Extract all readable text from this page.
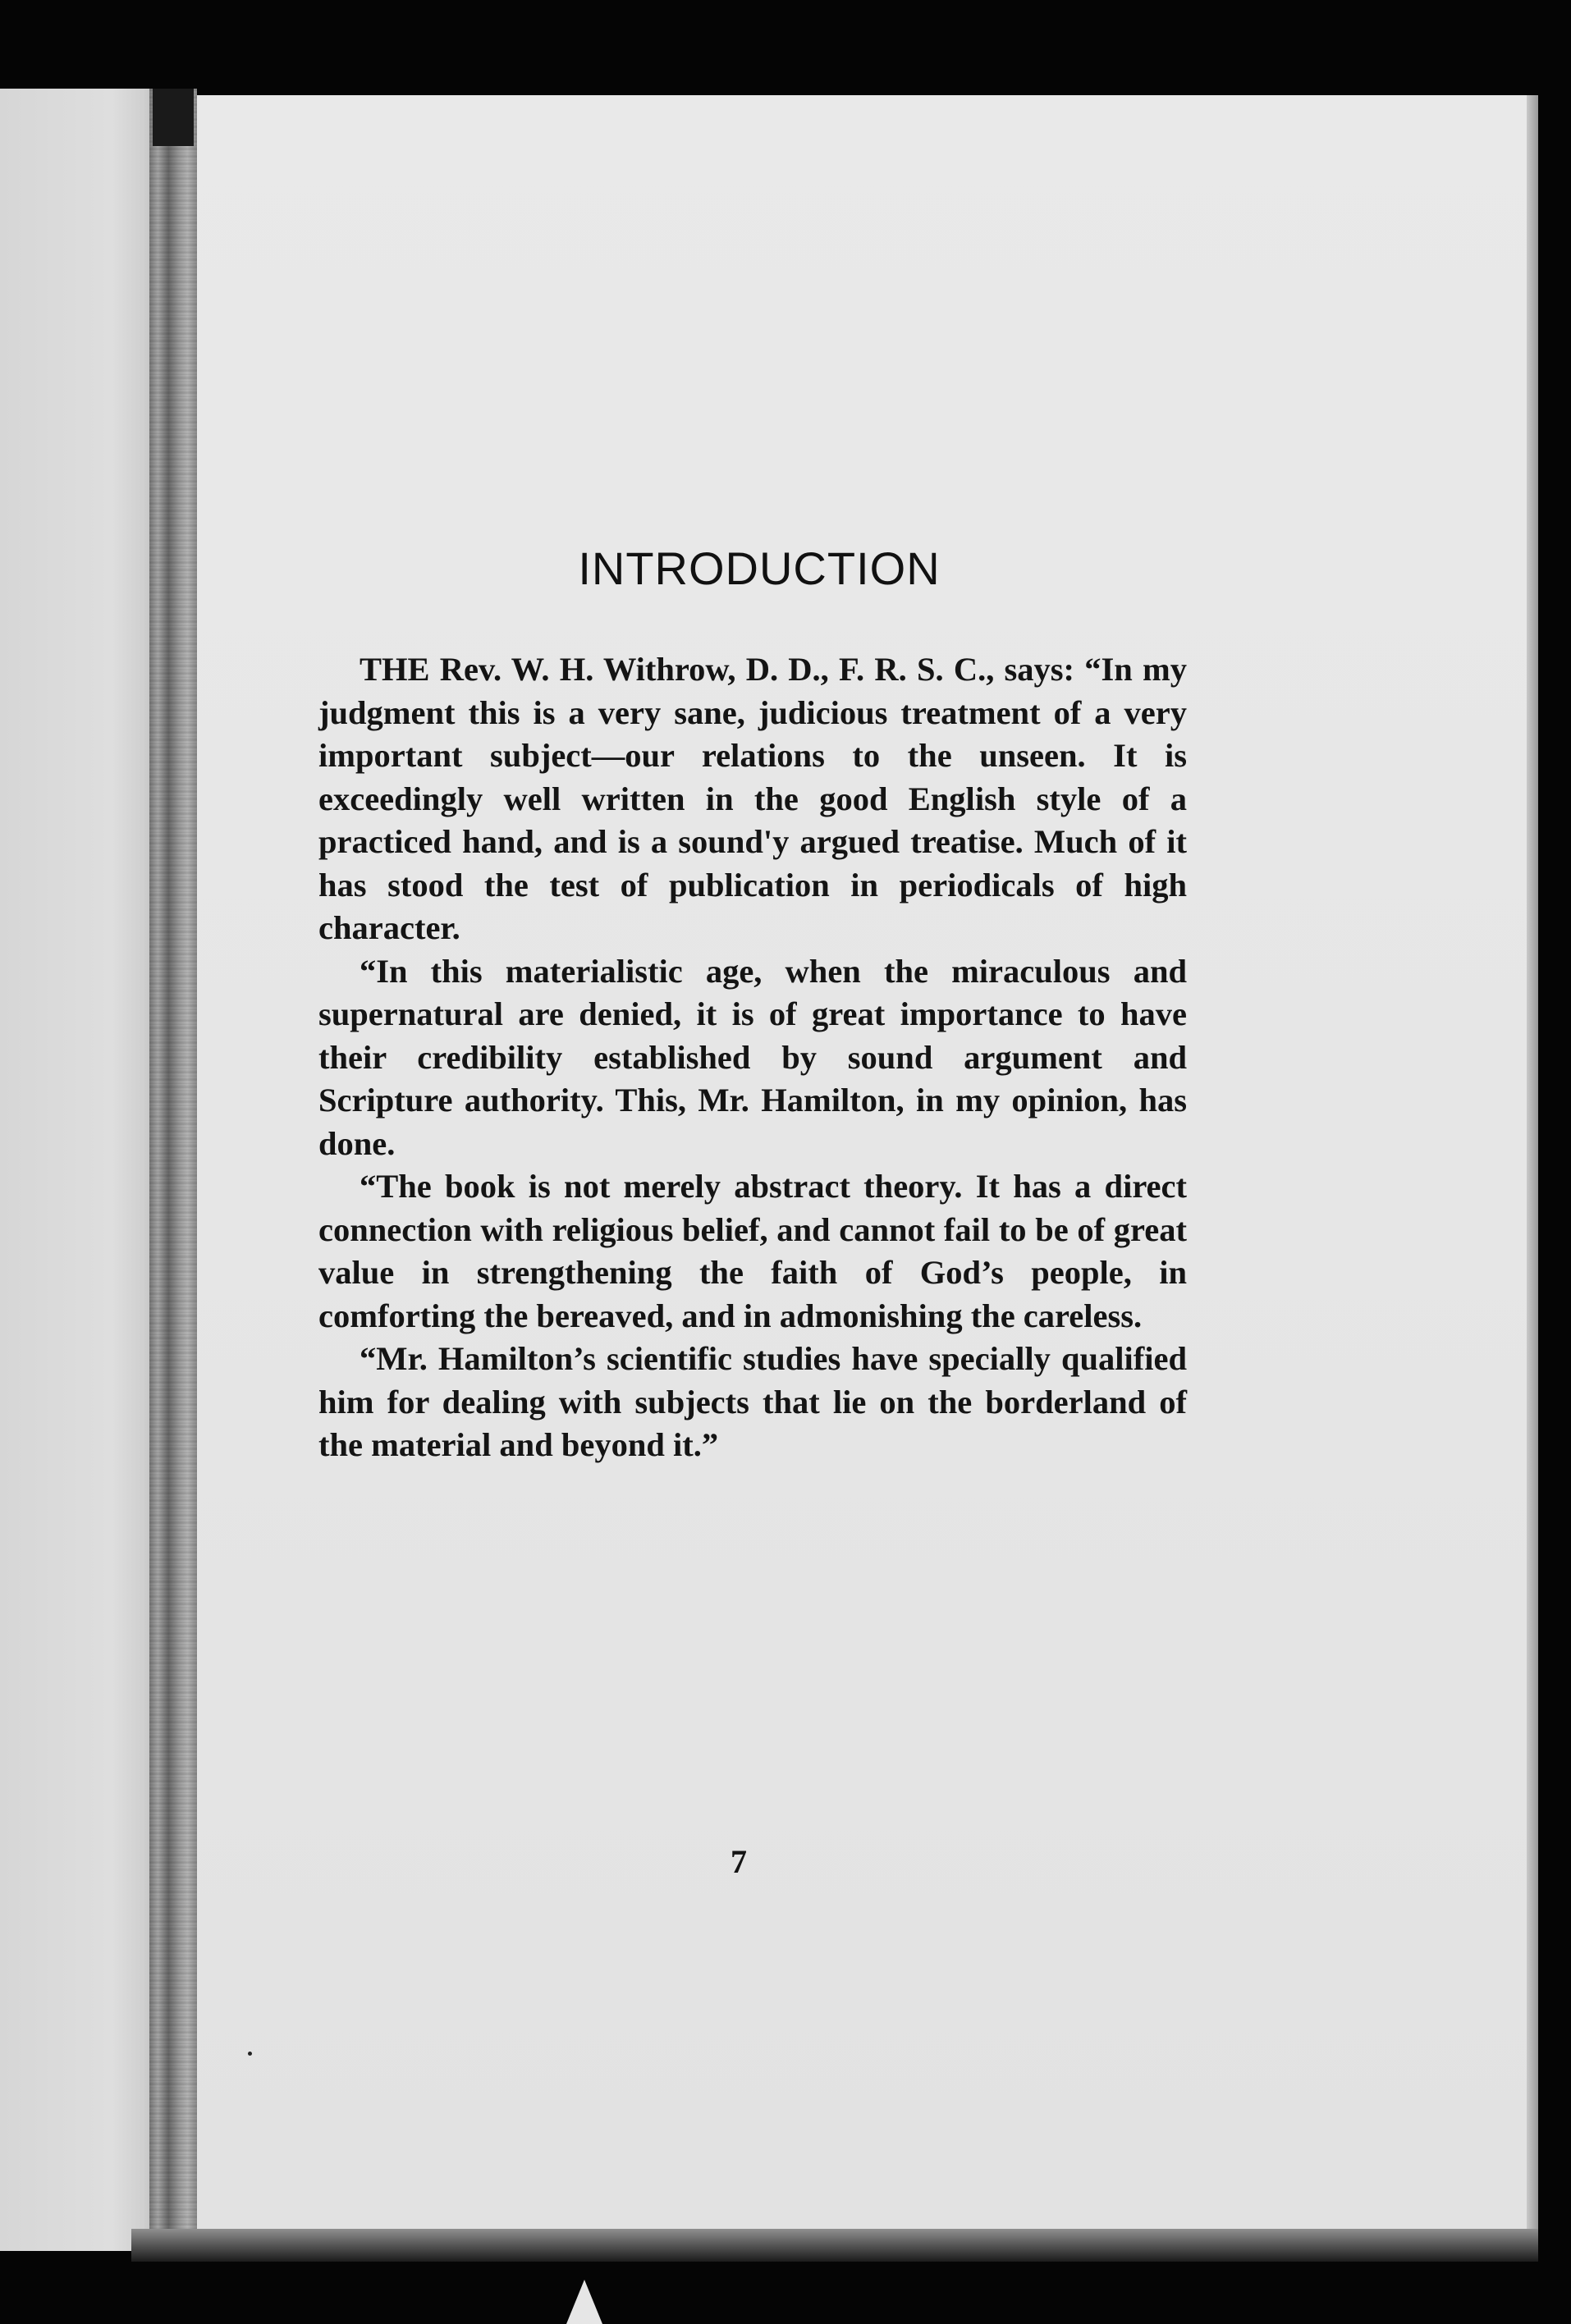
INTRODUCTION

THE Rev. W. H. Withrow, D. D., F. R. S. C., says: “In my judgment this is a very sane, judicious treatment of a very important subject—our relations to the unseen. It is exceedingly well written in the good English style of a practiced hand, and is a sound'y argued treatise. Much of it has stood the test of publication in periodicals of high character.

“In this materialistic age, when the miraculous and supernatural are denied, it is of great importance to have their credibility established by sound argument and Scripture authority. This, Mr. Hamilton, in my opinion, has done.

“The book is not merely abstract theory. It has a direct connection with religious belief, and cannot fail to be of great value in strengthening the faith of God’s people, in comforting the bereaved, and in admonishing the careless.

“Mr. Hamilton’s scientific studies have specially qualified him for dealing with subjects that lie on the borderland of the material and beyond it.”

7
